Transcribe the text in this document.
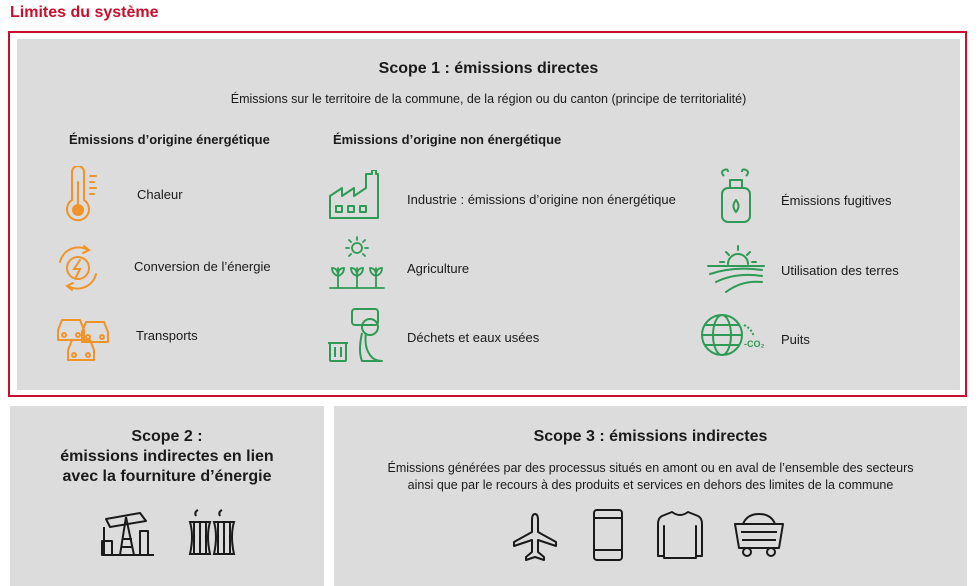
Limites du système
Scope 1 : émissions directes
Émissions sur le territoire de la commune, de la région ou du canton (principe de territorialité)
Émissions d’origine énergétique	Émissions d’origine non énergétique
Chaleur
Conversion de l’énergie
Transports
Industrie : émissions d’origine non énergétique
Agriculture
Déchets et eaux usées
Émissions fugitives
Utilisation des terres
-CO₂ Puits
Scope 2 :
émissions indirectes en lien
avec la fourniture d’énergie
Scope 3 : émissions indirectes
Émissions générées par des processus situés en amont ou en aval de l’ensemble des secteurs
ainsi que par le recours à des produits et services en dehors des limites de la commune
